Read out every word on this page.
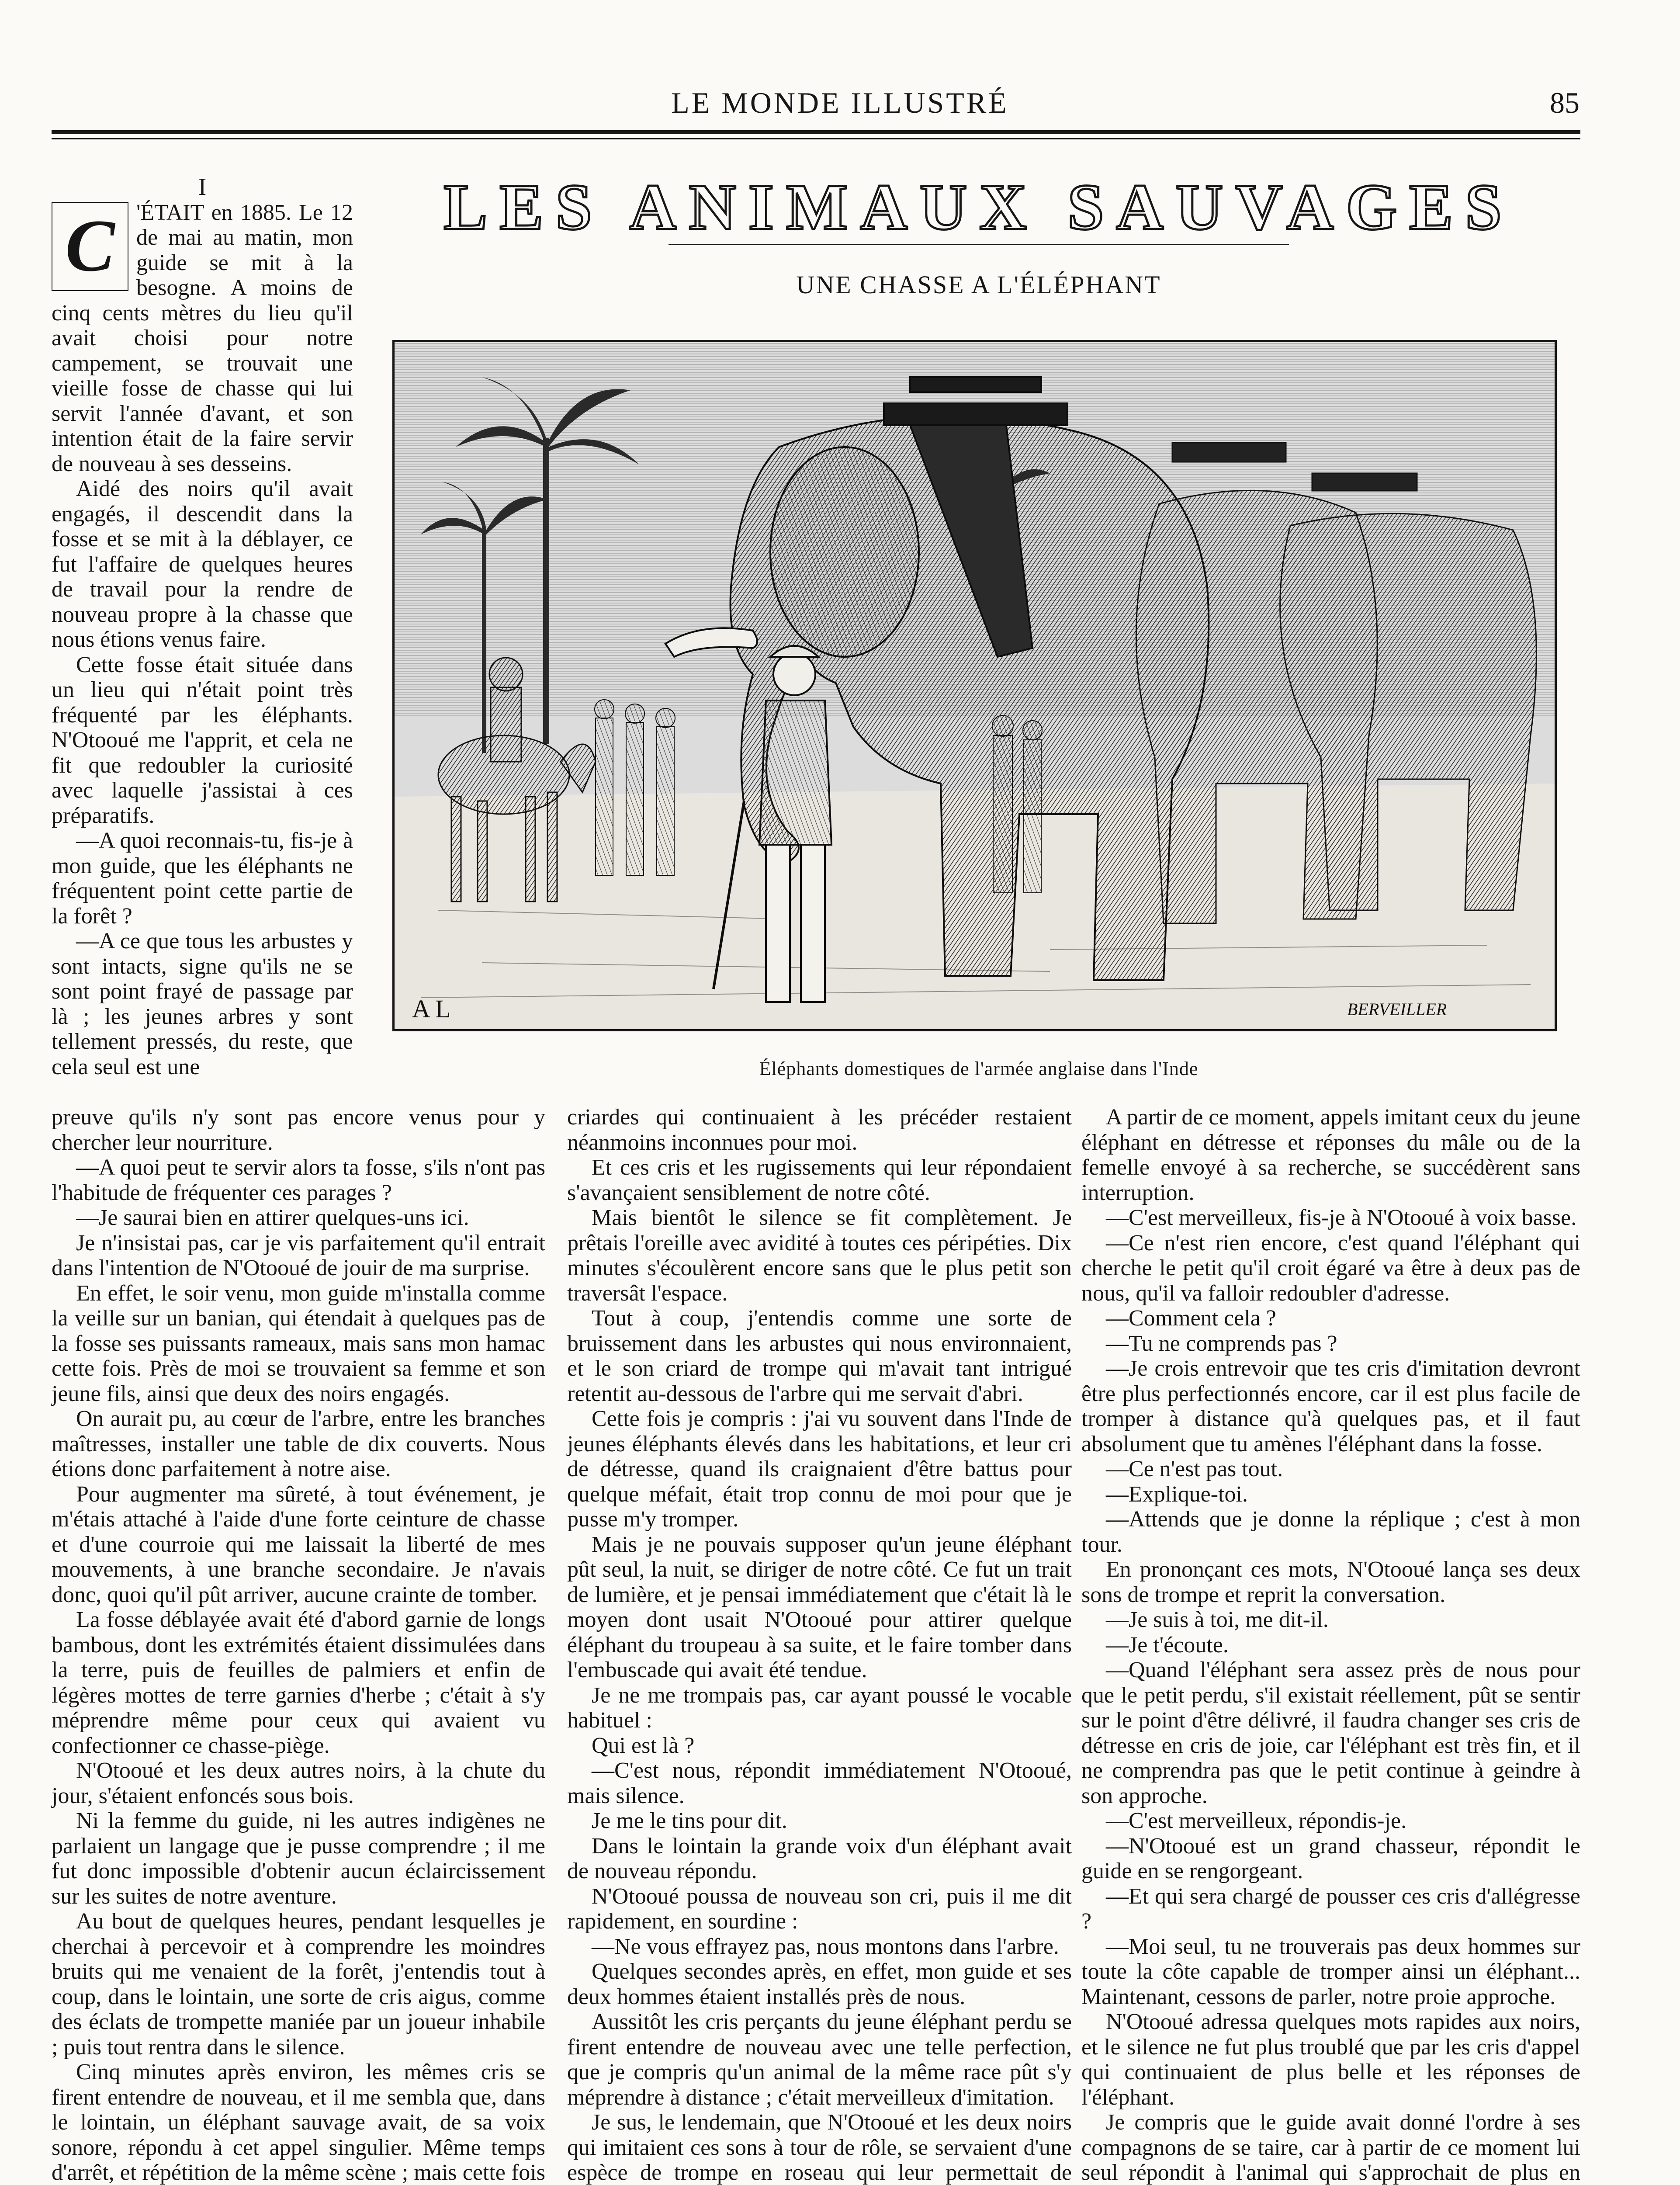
LE MONDE ILLUSTRÉ	85
LES ANIMAUX SAUVAGES
UNE CHASSE A L'ÉLÉPHANT
A L	BERVEILLER
Éléphants domestiques de l'armée anglaise dans l'Inde

I

C 'ÉTAIT en 1885. Le 12 de mai au matin, mon guide se mit à la besogne. A moins de cinq cents mètres du lieu qu'il avait choisi pour notre campement, se trouvait une vieille fosse de chasse qui lui servit l'année d'avant, et son intention était de la faire servir de nouveau à ses desseins.

Aidé des noirs qu'il avait engagés, il descendit dans la fosse et se mit à la déblayer, ce fut l'affaire de quelques heures de travail pour la rendre de nouveau propre à la chasse que nous étions venus faire.

Cette fosse était située dans un lieu qui n'était point très fréquenté par les éléphants. N'Otooué me l'apprit, et cela ne fit que redoubler la curiosité avec laquelle j'assistai à ces préparatifs.

—A quoi reconnais-tu, fis-je à mon guide, que les éléphants ne fréquentent point cette partie de la forêt ?

—A ce que tous les arbustes y sont intacts, signe qu'ils ne se sont point frayé de passage par là ; les jeunes arbres y sont tellement pressés, du reste, que cela seul est une

preuve qu'ils n'y sont pas encore venus pour y chercher leur nourriture.

—A quoi peut te servir alors ta fosse, s'ils n'ont pas l'habitude de fréquenter ces parages ?

—Je saurai bien en attirer quelques-uns ici.

Je n'insistai pas, car je vis parfaitement qu'il entrait dans l'intention de N'Otooué de jouir de ma surprise.

En effet, le soir venu, mon guide m'installa comme la veille sur un banian, qui étendait à quelques pas de la fosse ses puissants rameaux, mais sans mon hamac cette fois. Près de moi se trouvaient sa femme et son jeune fils, ainsi que deux des noirs engagés.

On aurait pu, au cœur de l'arbre, entre les branches maîtresses, installer une table de dix couverts. Nous étions donc parfaitement à notre aise.

Pour augmenter ma sûreté, à tout événement, je m'étais attaché à l'aide d'une forte ceinture de chasse et d'une courroie qui me laissait la liberté de mes mouvements, à une branche secondaire. Je n'avais donc, quoi qu'il pût arriver, aucune crainte de tomber.

La fosse déblayée avait été d'abord garnie de longs bambous, dont les extrémités étaient dissimulées dans la terre, puis de feuilles de palmiers et enfin de légères mottes de terre garnies d'herbe ; c'était à s'y méprendre même pour ceux qui avaient vu confectionner ce chasse-piège.

N'Otooué et les deux autres noirs, à la chute du jour, s'étaient enfoncés sous bois.

Ni la femme du guide, ni les autres indigènes ne parlaient un langage que je pusse comprendre ; il me fut donc impossible d'obtenir aucun éclaircissement sur les suites de notre aventure.

Au bout de quelques heures, pendant lesquelles je cherchai à percevoir et à comprendre les moindres bruits qui me venaient de la forêt, j'entendis tout à coup, dans le lointain, une sorte de cris aigus, comme des éclats de trompette maniée par un joueur inhabile ; puis tout rentra dans le silence.

Cinq minutes après environ, les mêmes cris se firent entendre de nouveau, et il me sembla que, dans le lointain, un éléphant sauvage avait, de sa voix sonore, répondu à cet appel singulier. Même temps d'arrêt, et répétition de la même scène ; mais cette fois

criardes qui continuaient à les précéder restaient néanmoins inconnues pour moi.

Et ces cris et les rugissements qui leur répondaient s'avançaient sensiblement de notre côté.

Mais bientôt le silence se fit complètement. Je prêtais l'oreille avec avidité à toutes ces péripéties. Dix minutes s'écoulèrent encore sans que le plus petit son traversât l'espace.

Tout à coup, j'entendis comme une sorte de bruissement dans les arbustes qui nous environnaient, et le son criard de trompe qui m'avait tant intrigué retentit au-dessous de l'arbre qui me servait d'abri.

Cette fois je compris : j'ai vu souvent dans l'Inde de jeunes éléphants élevés dans les habitations, et leur cri de détresse, quand ils craignaient d'être battus pour quelque méfait, était trop connu de moi pour que je pusse m'y tromper.

Mais je ne pouvais supposer qu'un jeune éléphant pût seul, la nuit, se diriger de notre côté. Ce fut un trait de lumière, et je pensai immédiatement que c'était là le moyen dont usait N'Otooué pour attirer quelque éléphant du troupeau à sa suite, et le faire tomber dans l'embuscade qui avait été tendue.

Je ne me trompais pas, car ayant poussé le vocable habituel :

Qui est là ?

—C'est nous, répondit immédiatement N'Otooué, mais silence.

Je me le tins pour dit.

Dans le lointain la grande voix d'un éléphant avait de nouveau répondu.

N'Otooué poussa de nouveau son cri, puis il me dit rapidement, en sourdine :

—Ne vous effrayez pas, nous montons dans l'arbre.

Quelques secondes après, en effet, mon guide et ses deux hommes étaient installés près de nous.

Aussitôt les cris perçants du jeune éléphant perdu se firent entendre de nouveau avec une telle perfection, que je compris qu'un animal de la même race pût s'y méprendre à distance ; c'était merveilleux d'imitation.

Je sus, le lendemain, que N'Otooué et les deux noirs qui imitaient ces sons à tour de rôle, se servaient d'une espèce de trompe en roseau qui leur permettait de

A partir de ce moment, appels imitant ceux du jeune éléphant en détresse et réponses du mâle ou de la femelle envoyé à sa recherche, se succédèrent sans interruption.

—C'est merveilleux, fis-je à N'Otooué à voix basse.

—Ce n'est rien encore, c'est quand l'éléphant qui cherche le petit qu'il croit égaré va être à deux pas de nous, qu'il va falloir redoubler d'adresse.

—Comment cela ?

—Tu ne comprends pas ?

—Je crois entrevoir que tes cris d'imitation devront être plus perfectionnés encore, car il est plus facile de tromper à distance qu'à quelques pas, et il faut absolument que tu amènes l'éléphant dans la fosse.

—Ce n'est pas tout.

—Explique-toi.

—Attends que je donne la réplique ; c'est à mon tour.

En prononçant ces mots, N'Otooué lança ses deux sons de trompe et reprit la conversation.

—Je suis à toi, me dit-il.

—Je t'écoute.

—Quand l'éléphant sera assez près de nous pour que le petit perdu, s'il existait réellement, pût se sentir sur le point d'être délivré, il faudra changer ses cris de détresse en cris de joie, car l'éléphant est très fin, et il ne comprendra pas que le petit continue à geindre à son approche.

—C'est merveilleux, répondis-je.

—N'Otooué est un grand chasseur, répondit le guide en se rengorgeant.

—Et qui sera chargé de pousser ces cris d'allégresse ?

—Moi seul, tu ne trouverais pas deux hommes sur toute la côte capable de tromper ainsi un éléphant... Maintenant, cessons de parler, notre proie approche.

N'Otooué adressa quelques mots rapides aux noirs, et le silence ne fut plus troublé que par les cris d'appel qui continuaient de plus belle et les réponses de l'éléphant.

Je compris que le guide avait donné l'ordre à ses compagnons de se taire, car à partir de ce moment lui seul répondit à l'animal qui s'approchait de plus en
